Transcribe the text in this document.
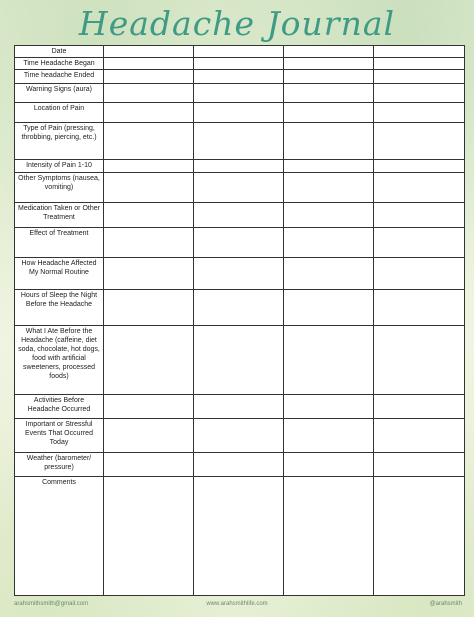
Headache Journal
Date				
Time Headache Began				
Time headache Ended				
Warning Signs (aura)				
Location of Pain				
Type of Pain (pressing, throbbing, piercing, etc.)				
Intensity of Pain 1-10				
Other Symptoms (nausea, vomiting)				
Medication Taken or Other Treatment				
Effect of Treatment				
How Headache Affected My Normal Routine				
Hours of Sleep the Night Before the Headache				
What I Ate Before the Headache (caffeine, diet soda, chocolate, hot dogs, food with artificial sweeteners, processed foods)				
Activities Before Headache Occurred				
Important or Stressful Events That Occurred Today				
Weather (barometer/ pressure)				
Comments				
arahsmithsmith@gmail.com	www.arahsmithlife.com	@arahsmith
